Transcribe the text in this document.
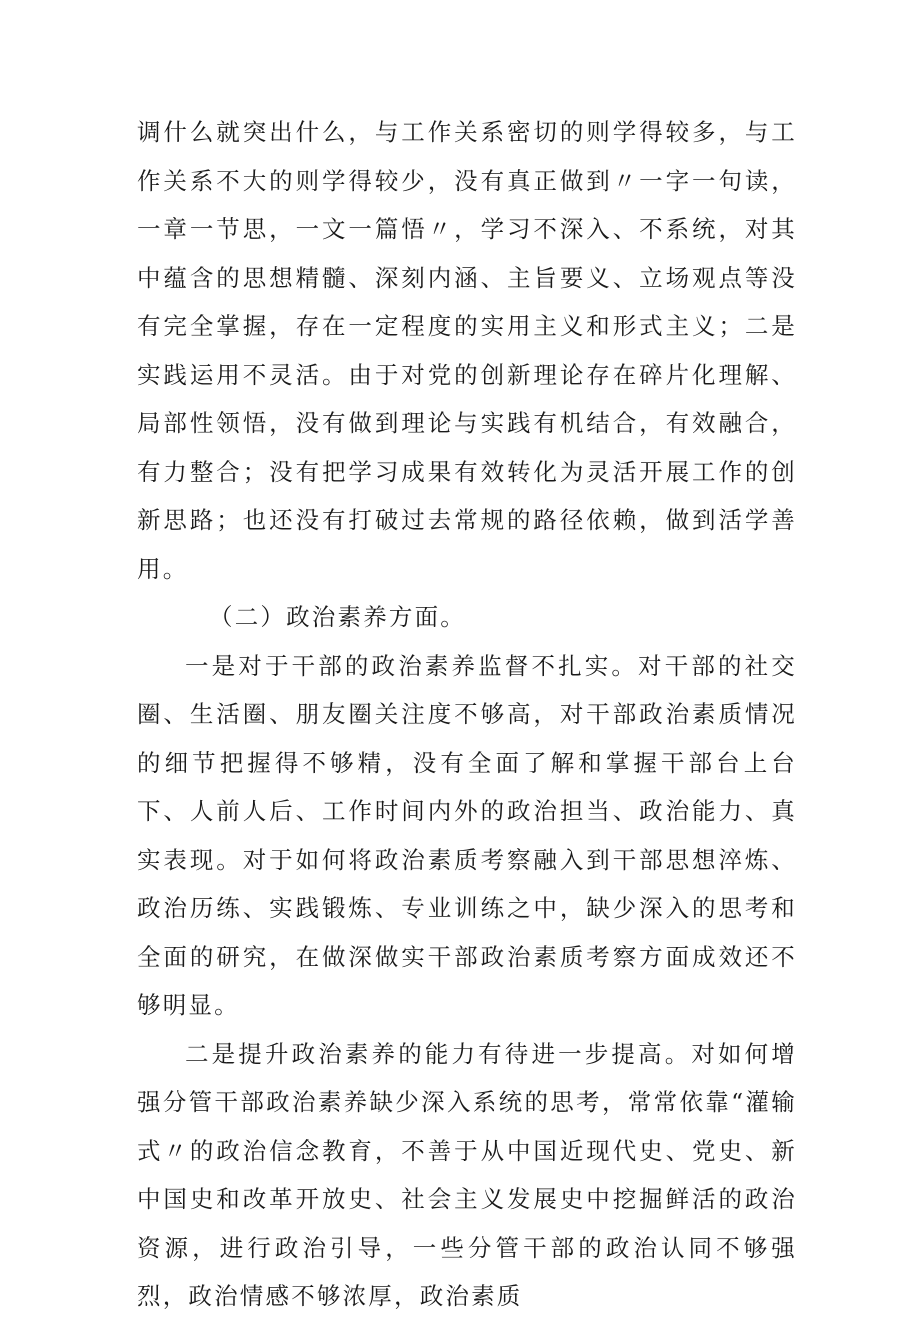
调什么就突出什么，与工作关系密切的则学得较多，与工作关系不大的则学得较少，没有真正做到〃一字一句读，一章一节思，一文一篇悟〃，学习不深入、不系统，对其中蕴含的思想精髓、深刻内涵、主旨要义、立场观点等没有完全掌握，存在一定程度的实用主义和形式主义；二是实践运用不灵活。由于对党的创新理论存在碎片化理解、局部性领悟，没有做到理论与实践有机结合，有效融合，有力整合；没有把学习成果有效转化为灵活开展工作的创新思路；也还没有打破过去常规的路径依赖，做到活学善用。

（二）政治素养方面。

一是对于干部的政治素养监督不扎实。对干部的社交圈、生活圈、朋友圈关注度不够高，对干部政治素质情况的细节把握得不够精，没有全面了解和掌握干部台上台下、人前人后、工作时间内外的政治担当、政治能力、真实表现。对于如何将政治素质考察融入到干部思想淬炼、政治历练、实践锻炼、专业训练之中，缺少深入的思考和全面的研究，在做深做实干部政治素质考察方面成效还不够明显。

二是提升政治素养的能力有待进一步提高。对如何增强分管干部政治素养缺少深入系统的思考，常常依靠“灌输式〃的政治信念教育，不善于从中国近现代史、党史、新中国史和改革开放史、社会主义发展史中挖掘鲜活的政治资源，进行政治引导，一些分管干部的政治认同不够强烈，政治情感不够浓厚，政治素质
